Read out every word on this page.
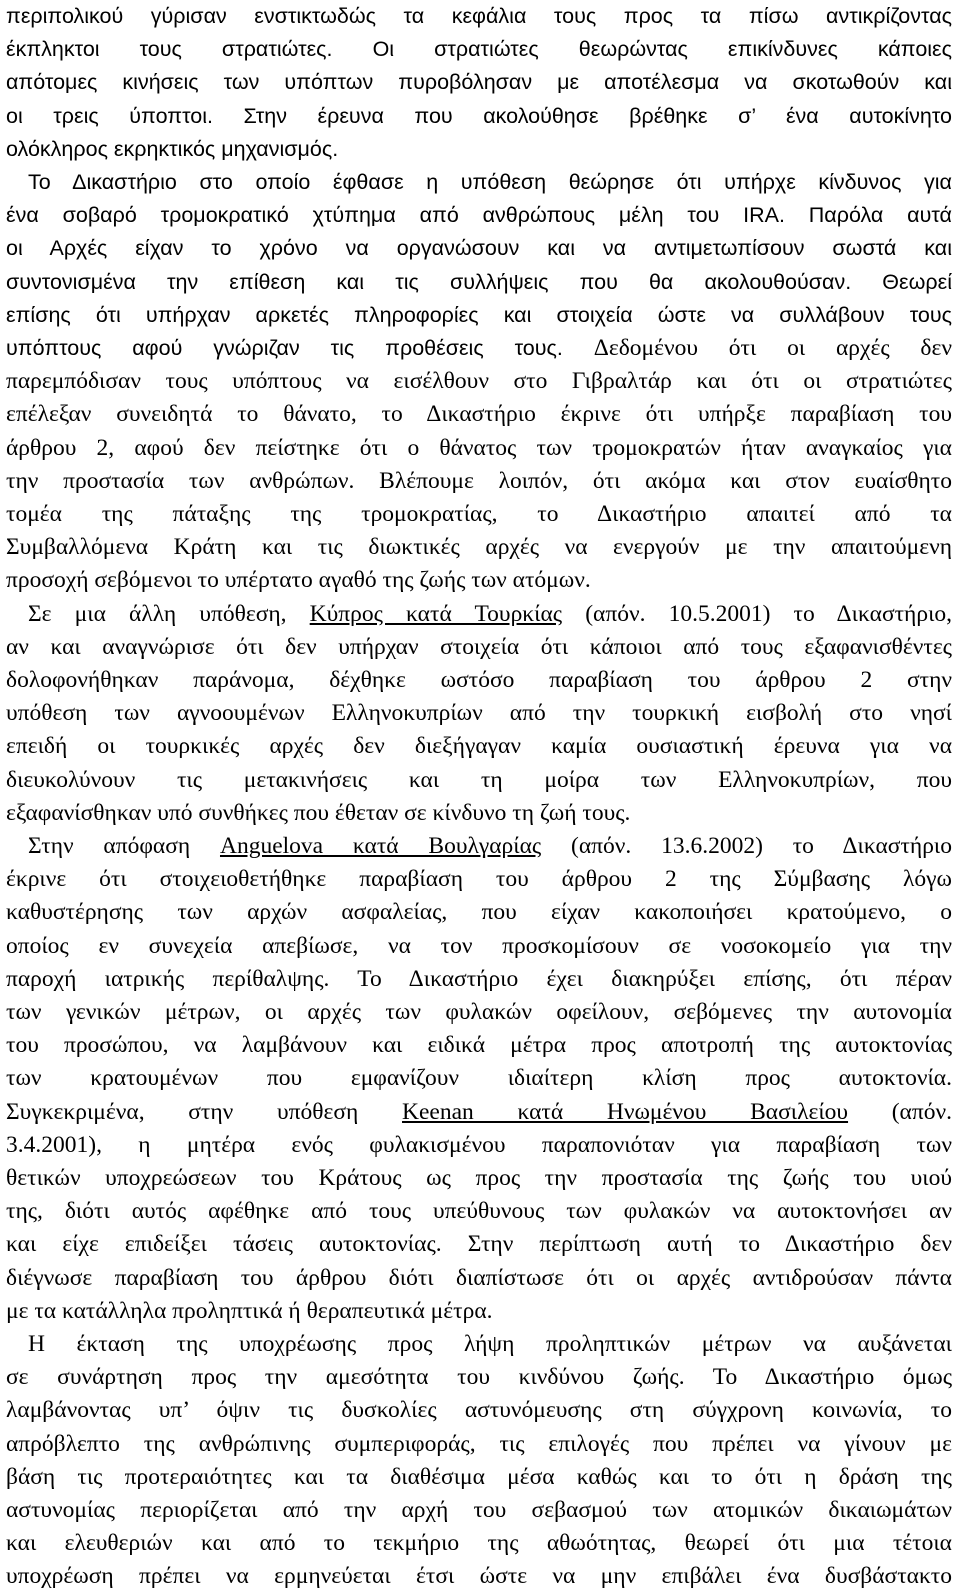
περιπολικού γύρισαν ενστικτωδώς τα κεφάλια τους προς τα πίσω αντικρίζοντας
έκπληκτοι τους στρατιώτες. Οι στρατιώτες θεωρώντας επικίνδυνες κάποιες
απότομες κινήσεις των υπόπτων πυροβόλησαν με αποτέλεσμα να σκοτωθούν και
οι τρεις ύποπτοι. Στην έρευνα που ακολούθησε βρέθηκε σ’ ένα αυτοκίνητο
ολόκληρος εκρηκτικός μηχανισμός.
Το Δικαστήριο στο οποίο έφθασε η υπόθεση θεώρησε ότι υπήρχε κίνδυνος για
ένα σοβαρό τρομοκρατικό χτύπημα από ανθρώπους μέλη του IRA. Παρόλα αυτά
οι Αρχές είχαν το χρόνο να οργανώσουν και να αντιμετωπίσουν σωστά και
συντονισμένα την επίθεση και τις συλλήψεις που θα ακολουθούσαν. Θεωρεί
επίσης ότι υπήρχαν αρκετές πληροφορίες και στοιχεία ώστε να συλλάβουν τους
υπόπτους αφού γνώριζαν τις προθέσεις τους. Δεδομένου ότι οι αρχές δεν
παρεμπόδισαν τους υπόπτους να εισέλθουν στο Γιβραλτάρ και ότι οι στρατιώτες
επέλεξαν συνειδητά το θάνατο, το Δικαστήριο έκρινε ότι υπήρξε παραβίαση του
άρθρου 2, αφού δεν πείστηκε ότι ο θάνατος των τρομοκρατών ήταν αναγκαίος για
την προστασία των ανθρώπων. Βλέπουμε λοιπόν, ότι ακόμα και στον ευαίσθητο
τομέα της πάταξης της τρομοκρατίας, το Δικαστήριο απαιτεί από τα
Συμβαλλόμενα Κράτη και τις διωκτικές αρχές να ενεργούν με την απαιτούμενη
προσοχή σεβόμενοι το υπέρτατο αγαθό της ζωής των ατόμων.
Σε μια άλλη υπόθεση, Κύπρος κατά Τουρκίας (απόν. 10.5.2001) το Δικαστήριο,
αν και αναγνώρισε ότι δεν υπήρχαν στοιχεία ότι κάποιοι από τους εξαφανισθέντες
δολοφονήθηκαν παράνομα, δέχθηκε ωστόσο παραβίαση του άρθρου 2 στην
υπόθεση των αγνοουμένων Ελληνοκυπρίων από την τουρκική εισβολή στο νησί
επειδή οι τουρκικές αρχές δεν διεξήγαγαν καμία ουσιαστική έρευνα για να
διευκολύνουν τις μετακινήσεις και τη μοίρα των Ελληνοκυπρίων, που
εξαφανίσθηκαν υπό συνθήκες που έθεταν σε κίνδυνο τη ζωή τους.
Στην απόφαση Anguelova κατά Βουλγαρίας (απόν. 13.6.2002) το Δικαστήριο
έκρινε ότι στοιχειοθετήθηκε παραβίαση του άρθρου 2 της Σύμβασης λόγω
καθυστέρησης των αρχών ασφαλείας, που είχαν κακοποιήσει κρατούμενο, ο
οποίος εν συνεχεία απεβίωσε, να τον προσκομίσουν σε νοσοκομείο για την
παροχή ιατρικής περίθαλψης. Το Δικαστήριο έχει διακηρύξει επίσης, ότι πέραν
των γενικών μέτρων, οι αρχές των φυλακών οφείλουν, σεβόμενες την αυτονομία
του προσώπου, να λαμβάνουν και ειδικά μέτρα προς αποτροπή της αυτοκτονίας
των κρατουμένων που εμφανίζουν ιδιαίτερη κλίση προς αυτοκτονία.
Συγκεκριμένα, στην υπόθεση Keenan κατά Ηνωμένου Βασιλείου (απόν.
3.4.2001), η μητέρα ενός φυλακισμένου παραπονιόταν για παραβίαση των
θετικών υποχρεώσεων του Κράτους ως προς την προστασία της ζωής του υιού
της, διότι αυτός αφέθηκε από τους υπεύθυνους των φυλακών να αυτοκτονήσει αν
και είχε επιδείξει τάσεις αυτοκτονίας. Στην περίπτωση αυτή το Δικαστήριο δεν
διέγνωσε παραβίαση του άρθρου διότι διαπίστωσε ότι οι αρχές αντιδρούσαν πάντα
με τα κατάλληλα προληπτικά ή θεραπευτικά μέτρα.
Η έκταση της υποχρέωσης προς λήψη προληπτικών μέτρων να αυξάνεται
σε συνάρτηση προς την αμεσότητα του κινδύνου ζωής. Το Δικαστήριο όμως
λαμβάνοντας υπ’ όψιν τις δυσκολίες αστυνόμευσης στη σύγχρονη κοινωνία, το
απρόβλεπτο της ανθρώπινης συμπεριφοράς, τις επιλογές που πρέπει να γίνουν με
βάση τις προτεραιότητες και τα διαθέσιμα μέσα καθώς και το ότι η δράση της
αστυνομίας περιορίζεται από την αρχή του σεβασμού των ατομικών δικαιωμάτων
και ελευθεριών και από το τεκμήριο της αθωότητας, θεωρεί ότι μια τέτοια
υποχρέωση πρέπει να ερμηνεύεται έτσι ώστε να μην επιβάλει ένα δυσβάστακτο
